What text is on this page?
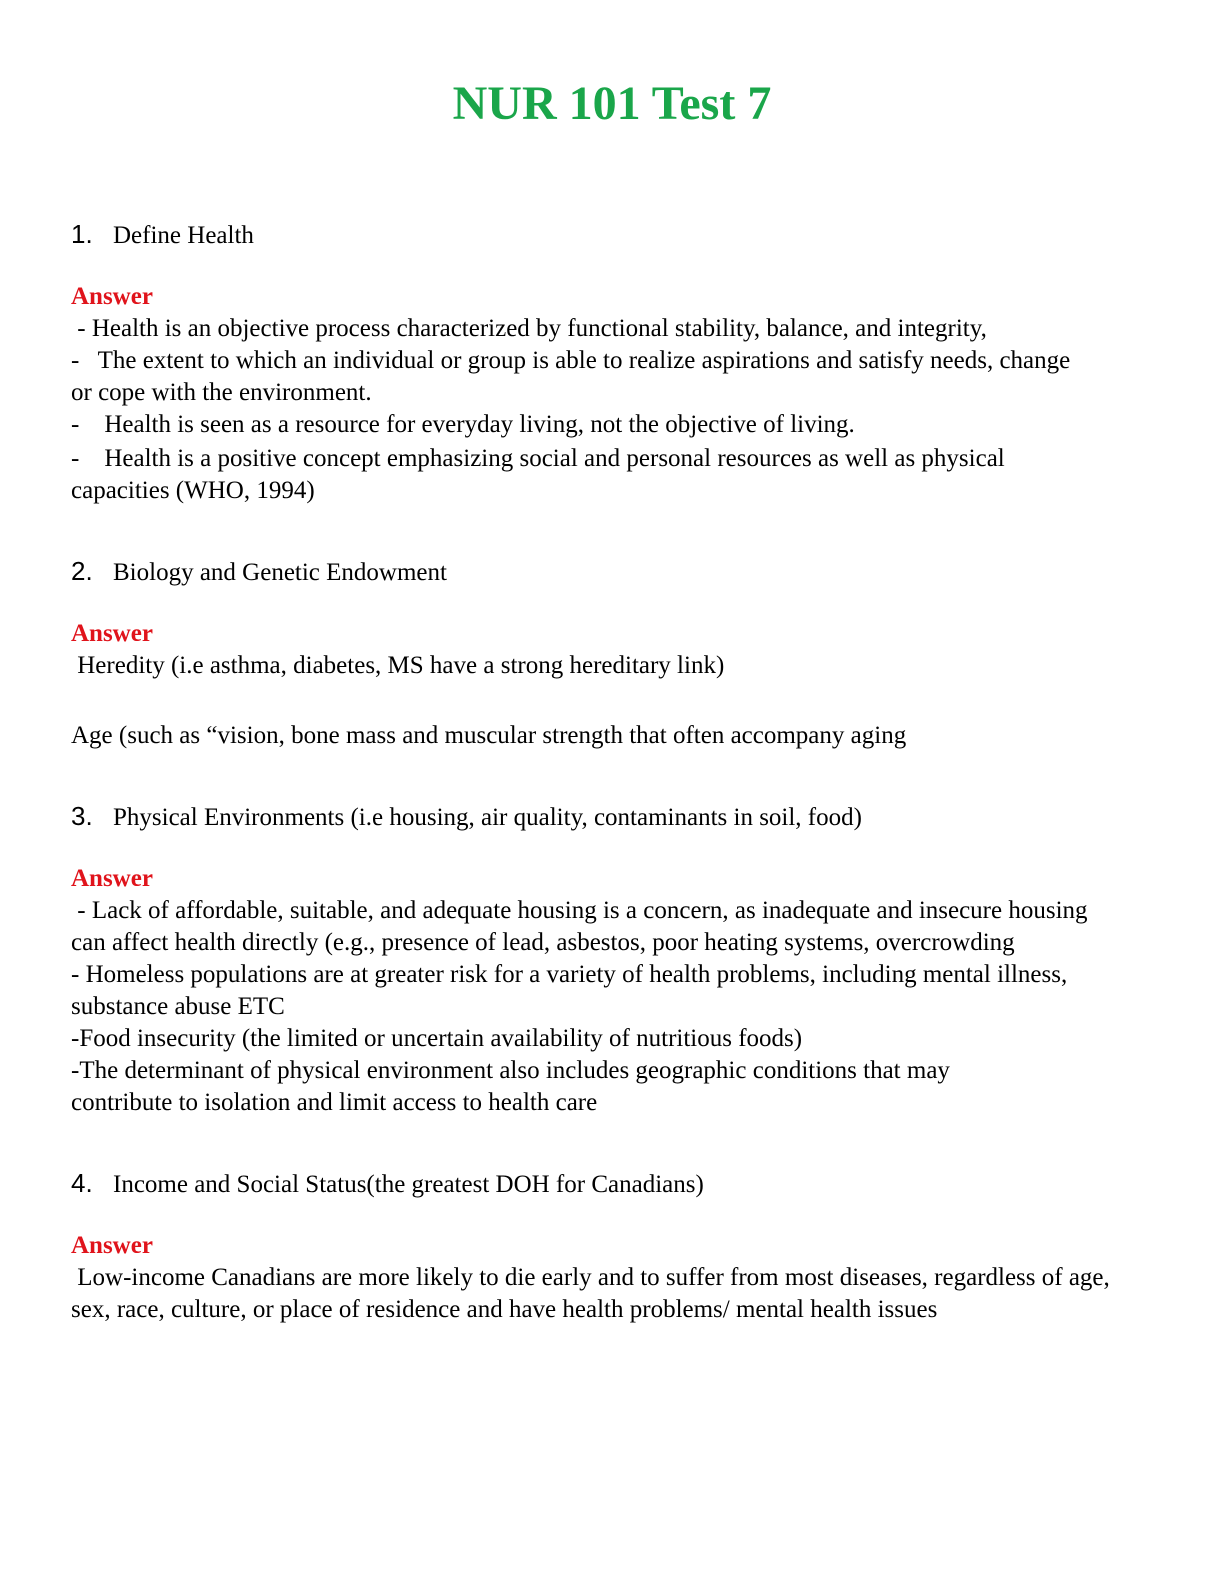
NUR 101 Test 7

1. Define Health

Answer

- Health is an objective process characterized by functional stability, balance, and integrity,

-   The extent to which an individual or group is able to realize aspirations and satisfy needs, change or cope with the environment.

-    Health is seen as a resource for everyday living, not the objective of living.

-    Health is a positive concept emphasizing social and personal resources as well as physical capacities (WHO, 1994)

2. Biology and Genetic Endowment

Answer

Heredity (i.e asthma, diabetes, MS have a strong hereditary link)

Age (such as “vision, bone mass and muscular strength that often accompany aging

3. Physical Environments (i.e housing, air quality, contaminants in soil, food)

Answer

- Lack of affordable, suitable, and adequate housing is a concern, as inadequate and insecure housing can affect health directly (e.g., presence of lead, asbestos, poor heating systems, overcrowding

- Homeless populations are at greater risk for a variety of health problems, including mental illness, substance abuse ETC

-Food insecurity (the limited or uncertain availability of nutritious foods)

-The determinant of physical environment also includes geographic conditions that may contribute to isolation and limit access to health care

4. Income and Social Status(the greatest DOH for Canadians)

Answer

Low-income Canadians are more likely to die early and to suffer from most diseases, regardless of age, sex, race, culture, or place of residence and have health problems/ mental health issues
